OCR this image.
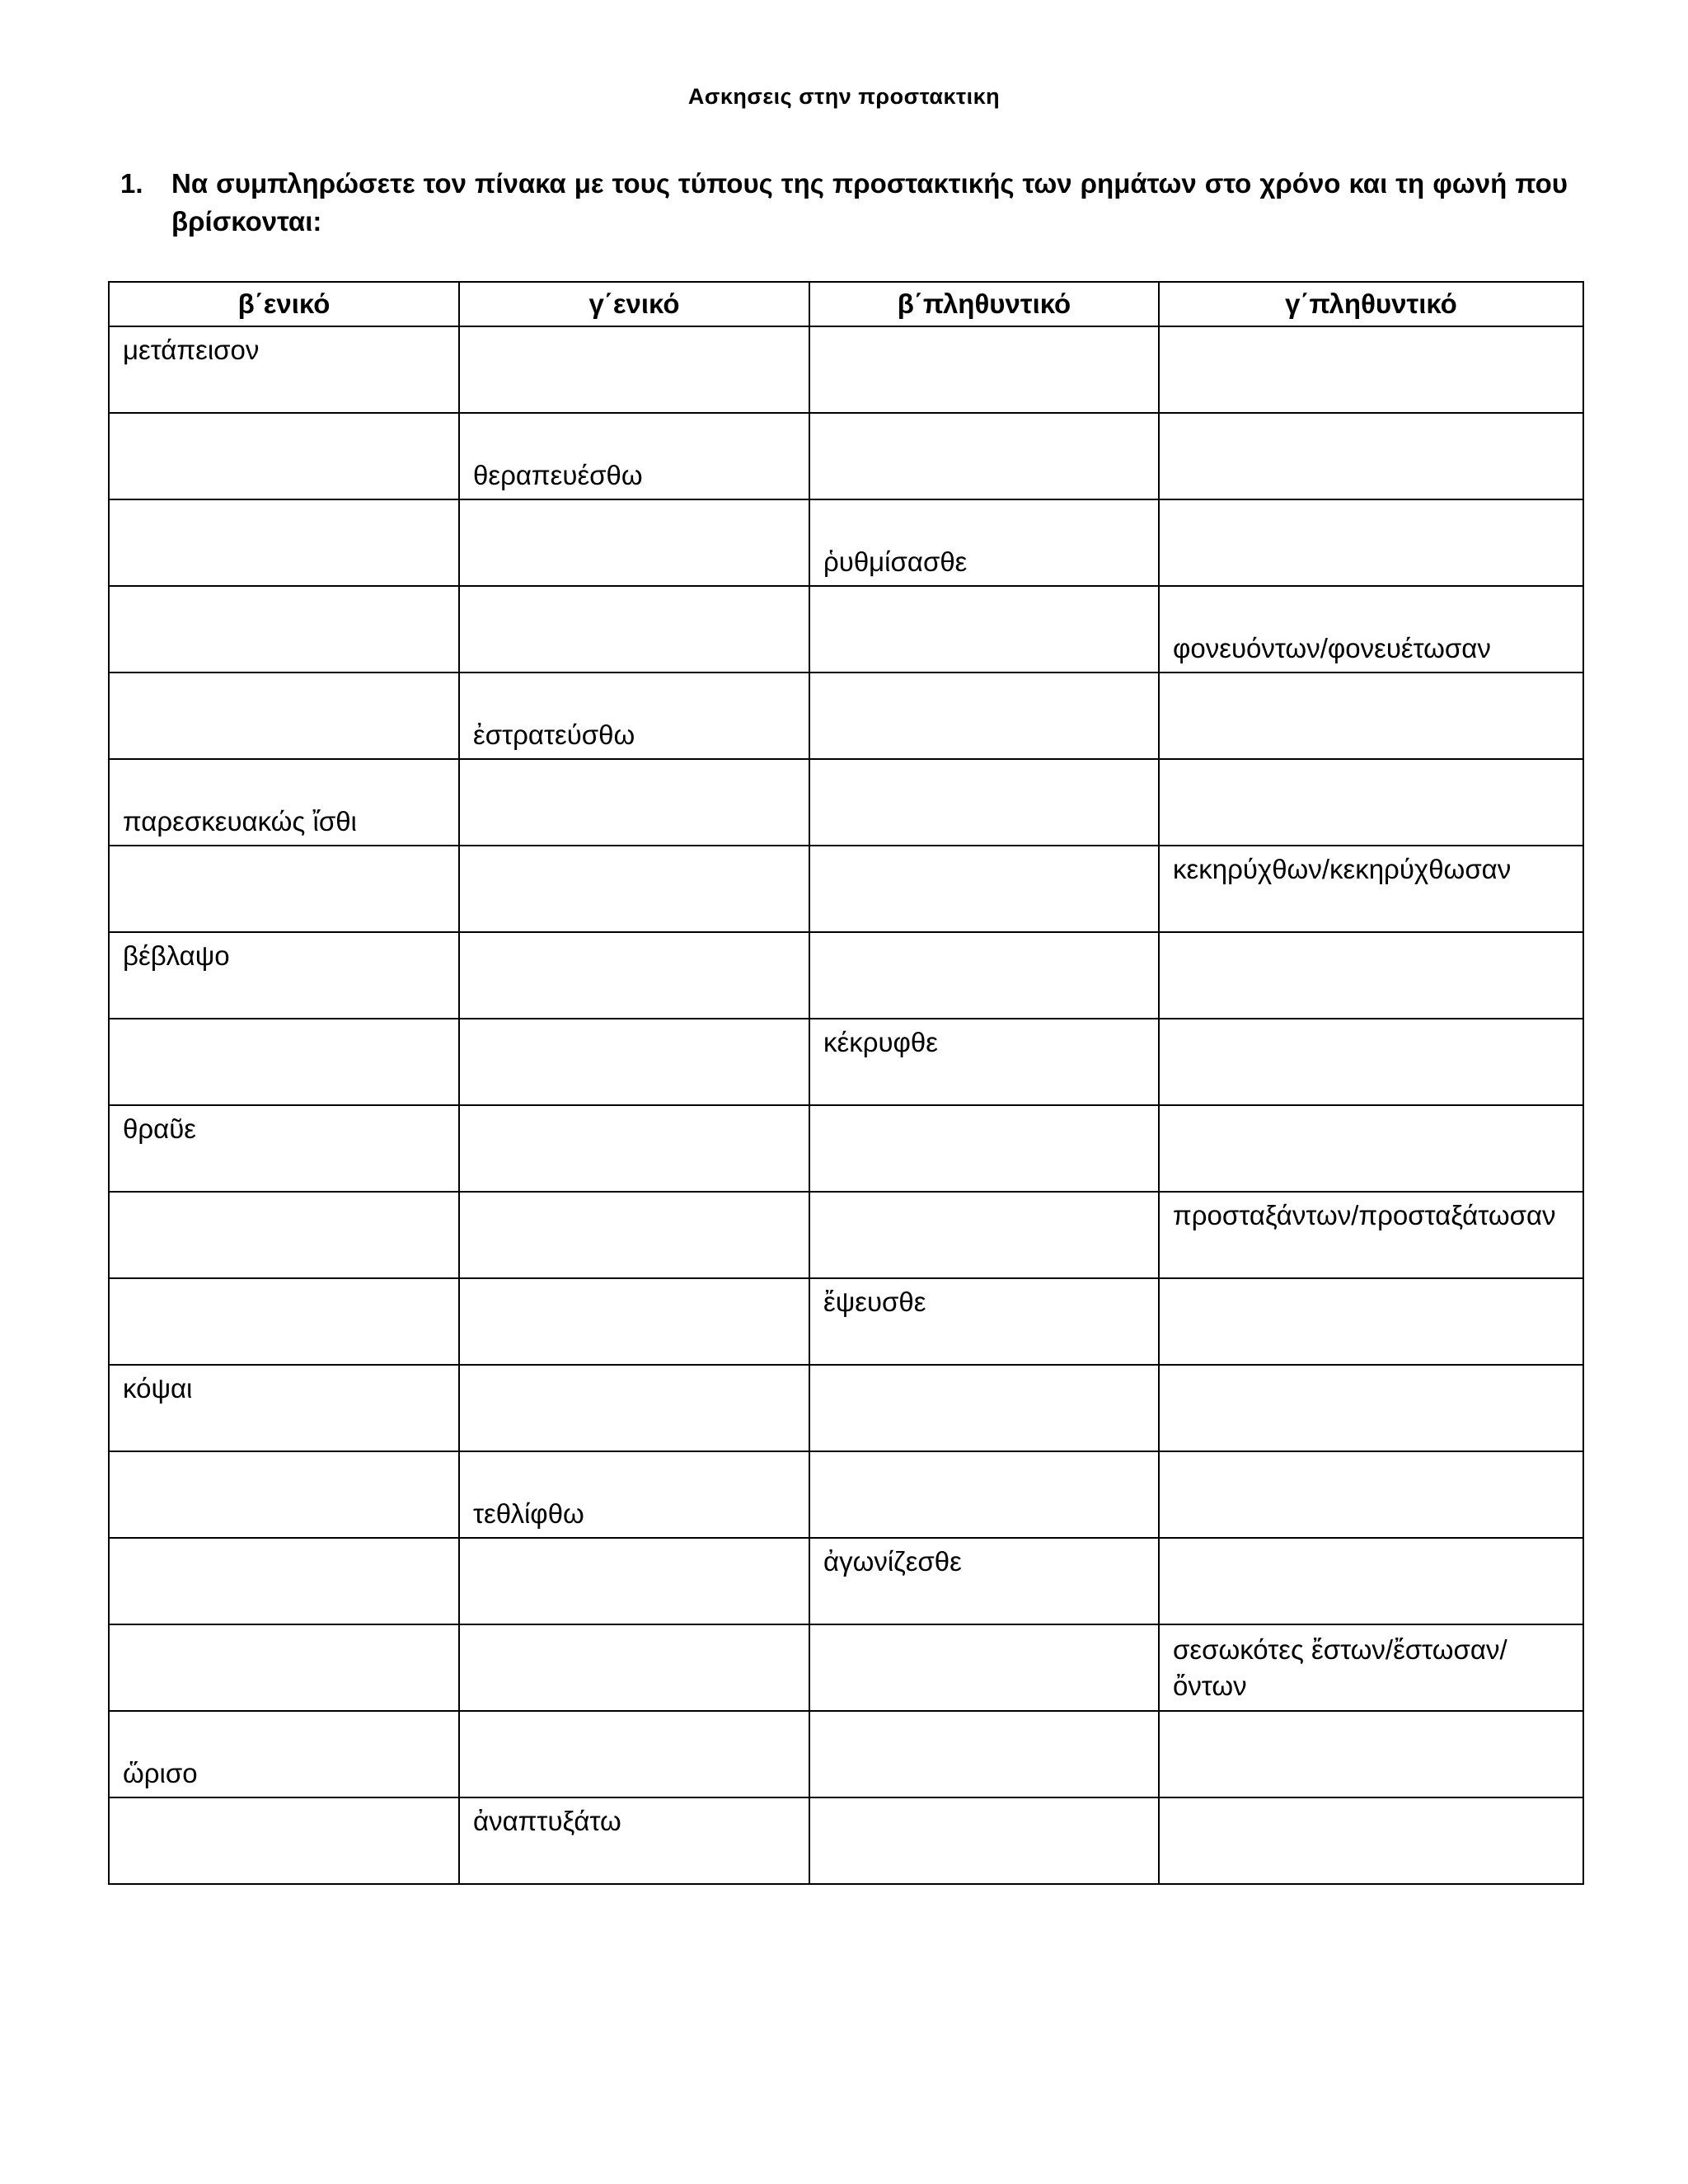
Ασκησεις στην προστακτικη
1. Να συμπληρώσετε τον πίνακα με τους τύπους της προστακτικής των ρημάτων στο χρόνο και τη φωνή που βρίσκονται:
β΄ενικό	γ΄ενικό	β΄πληθυντικό	γ΄πληθυντικό
μετάπεισον			
	θεραπευέσθω		
		ῥυθμίσασθε	
			φονευόντων/φονευέτωσαν
	ἐστρατεύσθω		
παρεσκευακώς ἴσθι			
			κεκηρύχθων/κεκηρύχθωσαν
βέβλαψο			
		κέκρυφθε	
θραῦε			
			προσταξάντων/προσταξάτωσαν
		ἔψευσθε	
κόψαι			
	τεθλίφθω		
		ἀγωνίζεσθε	
			σεσωκότες ἔστων/ἔστωσαν/ ὄντων
ὥρισο			
	ἀναπτυξάτω		
